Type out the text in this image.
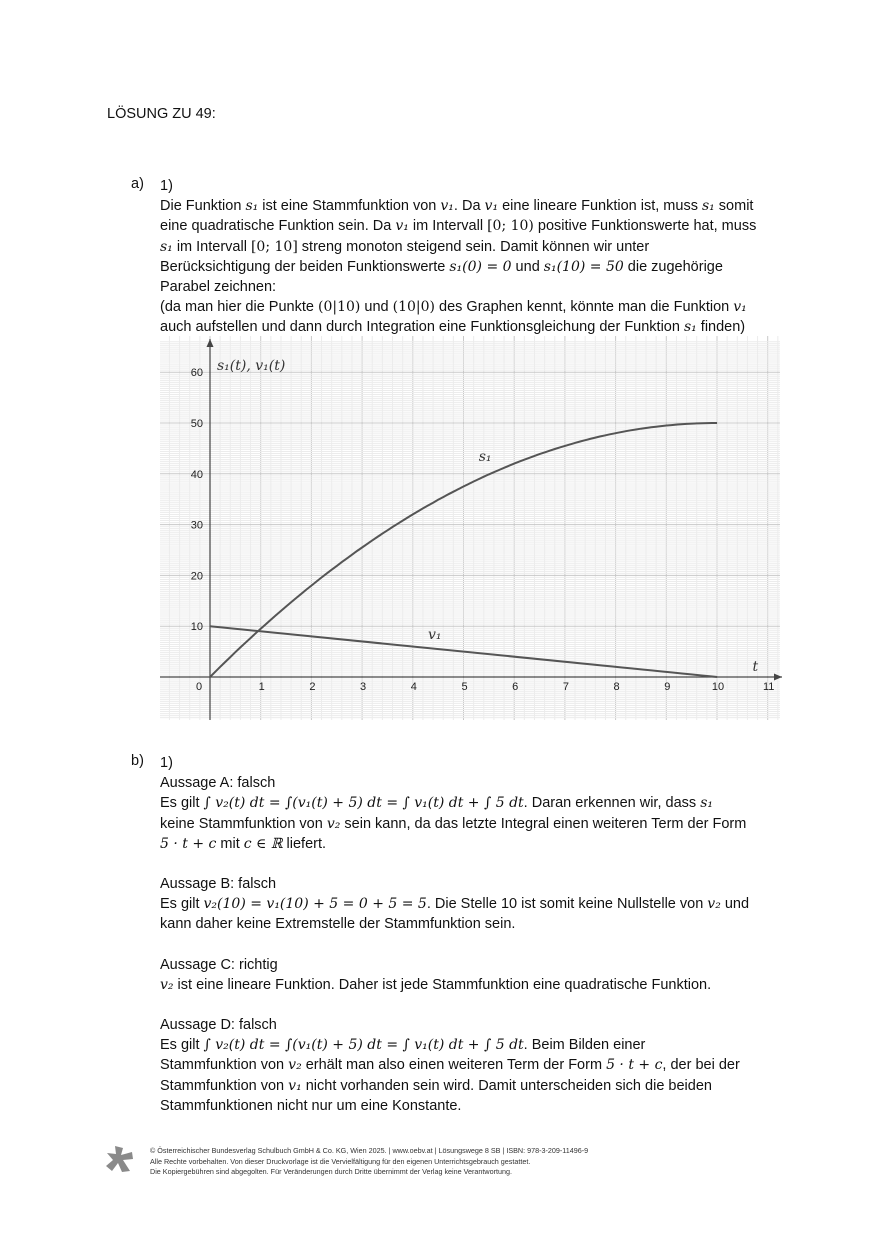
LÖSUNG ZU 49:
a) 1)

Die Funktion s₁ ist eine Stammfunktion von v₁. Da v₁ eine lineare Funktion ist, muss s₁ somit

eine quadratische Funktion sein. Da v₁ im Intervall [0; 10) positive Funktionswerte hat, muss

s₁ im Intervall [0; 10] streng monoton steigend sein. Damit können wir unter

Berücksichtigung der beiden Funktionswerte s₁(0) = 0 und s₁(10) = 50 die zugehörige

Parabel zeichnen:

(da man hier die Punkte (0|10) und (10|0) des Graphen kennt, könnte man die Funktion v₁

auch aufstellen und dann durch Integration eine Funktionsgleichung der Funktion s₁ finden)

0	1	2	3	4	5	6	7	8	9	10	11
10
20
30
40
50
60 s₁(t), v₁(t)
t
s₁
v₁
b) 1)

Aussage A: falsch

Es gilt ∫ v₂(t) dt = ∫(v₁(t) + 5) dt = ∫ v₁(t) dt + ∫ 5 dt. Daran erkennen wir, dass s₁

keine Stammfunktion von v₂ sein kann, da das letzte Integral einen weiteren Term der Form

5 · t + c mit c ∈ ℝ liefert.

Aussage B: falsch

Es gilt v₂(10) = v₁(10) + 5 = 0 + 5 = 5. Die Stelle 10 ist somit keine Nullstelle von v₂ und

kann daher keine Extremstelle der Stammfunktion sein.

Aussage C: richtig

v₂ ist eine lineare Funktion. Daher ist jede Stammfunktion eine quadratische Funktion.

Aussage D: falsch

Es gilt ∫ v₂(t) dt = ∫(v₁(t) + 5) dt = ∫ v₁(t) dt + ∫ 5 dt. Beim Bilden einer

Stammfunktion von v₂ erhält man also einen weiteren Term der Form 5 · t + c, der bei der

Stammfunktion von v₁ nicht vorhanden sein wird. Damit unterscheiden sich die beiden

Stammfunktionen nicht nur um eine Konstante.

© Österreichischer Bundesverlag Schulbuch GmbH & Co. KG, Wien 2025. | www.oebv.at | Lösungswege 8 SB | ISBN: 978-3-209-11496-9
Alle Rechte vorbehalten. Von dieser Druckvorlage ist die Vervielfältigung für den eigenen Unterrichtsgebrauch gestattet.
Die Kopiergebühren sind abgegolten. Für Veränderungen durch Dritte übernimmt der Verlag keine Verantwortung.
